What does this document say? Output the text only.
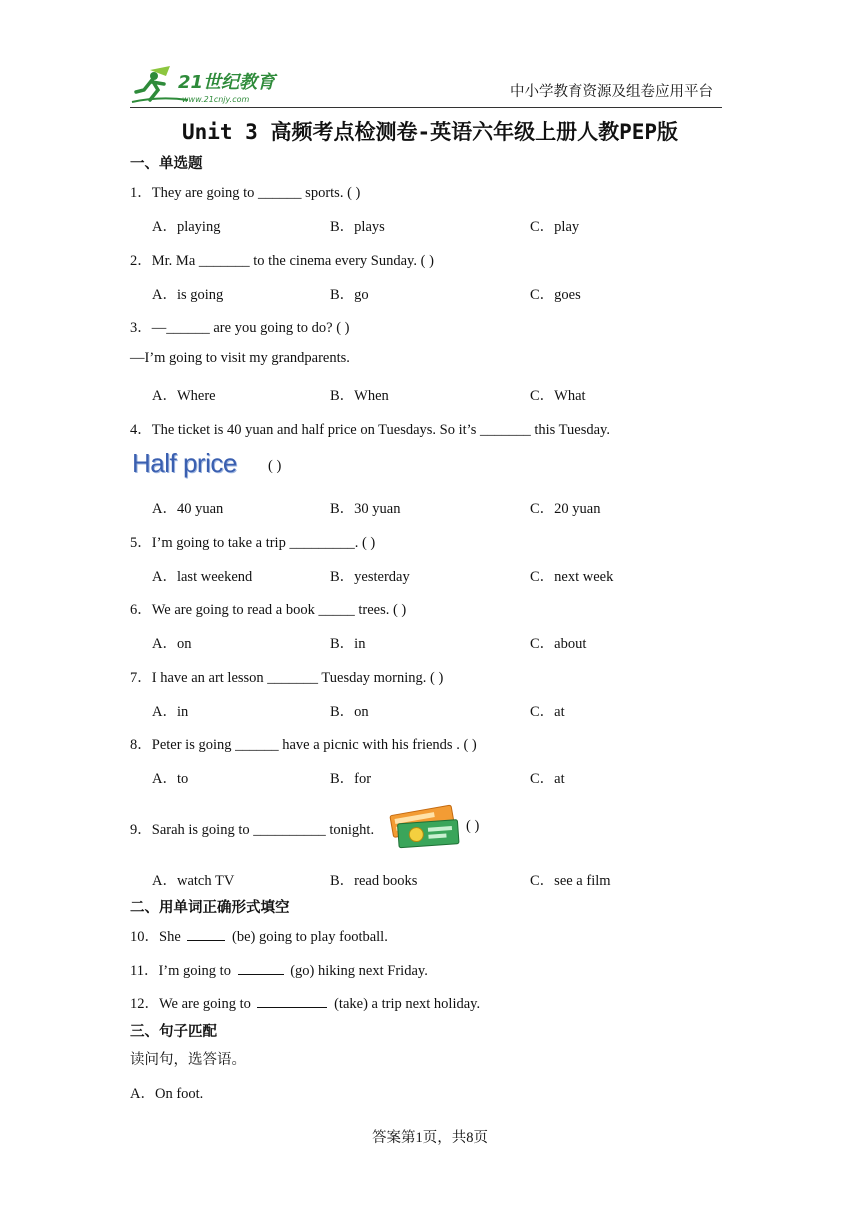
21世纪教育
www.21cnjy.com	中小学教育资源及组卷应用平台
Unit 3 高频考点检测卷-英语六年级上册人教PEP版
一、单选题
1．They are going to ______ sports. ( )
A．playing	B．plays	C．play
2．Mr. Ma _______ to the cinema every Sunday. ( )
A．is going	B．go	C．goes
3．—______ are you going to do? ( )
—I’m going to visit my grandparents.
A．Where	B．When	C．What
4．The ticket is 40 yuan and half price on Tuesdays. So it’s _______ this Tuesday.
Half price ( )
A．40 yuan	B．30 yuan	C．20 yuan
5．I’m going to take a trip _________. ( )
A．last weekend	B．yesterday	C．next week
6．We are going to read a book _____ trees. ( )
A．on	B．in	C．about
7．I have an art lesson _______ Tuesday morning. ( )
A．in	B．on	C．at
8．Peter is going ______ have a picnic with his friends . ( )
A．to	B．for	C．at
9．Sarah is going to __________ tonight.	( )
A．watch TV	B．read books	C．see a film
二、用单词正确形式填空
10．She	(be) going to play football.
11．I’m going to	(go) hiking next Friday.
12．We are going to	(take) a trip next holiday.
三、句子匹配
读问句，选答语。
A．On foot.
答案第1页，共8页
